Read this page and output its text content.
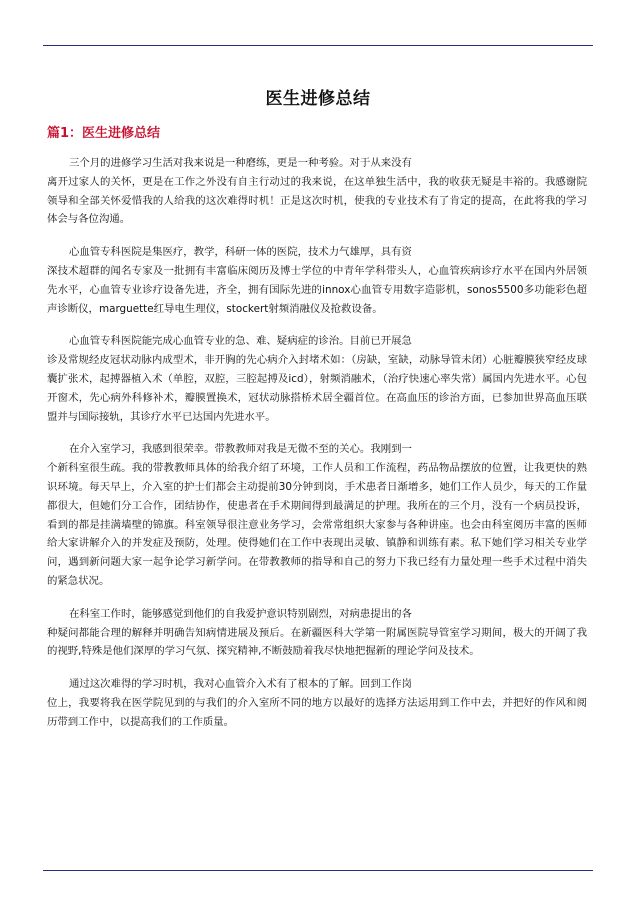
医生进修总结
篇1：医生进修总结

三个月的进修学习生活对我来说是一种磨练，更是一种考验。对于从来没有
离开过家人的关怀，更是在工作之外没有自主行动过的我来说，在这单独生活中，我的收获无疑是丰裕的。我感谢院领导和全部关怀爱惜我的人给我的这次难得时机！正是这次时机，使我的专业技术有了肯定的提高，在此将我的学习体会与各位沟通。

心血管专科医院是集医疗，教学，科研一体的医院，技术力气雄厚，具有资
深技术超群的闻名专家及一批拥有丰富临床阅历及博士学位的中青年学科带头人，心血管疾病诊疗水平在国内外居领先水平，心血管专业诊疗设备先进，齐全，拥有国际先进的innox心血管专用数字造影机，sonos5500多功能彩色超声诊断仪，marguette红导电生理仪，stockert射频消融仪及抢救设备。

心血管专科医院能完成心血管专业的急、难、疑病症的诊治。目前已开展急
诊及常规经皮冠状动脉内成型术，非开胸的先心病介入封堵术如：（房缺，室缺，动脉导管未闭）心脏瓣膜狭窄经皮球囊扩张术，起搏器植入术（单腔，双腔，三腔起搏及icd），射频消融术，（治疗快速心率失常）属国内先进水平。心包开窗术，先心病外科修补术，瓣膜置换术，冠状动脉搭桥术居全疆首位。在高血压的诊治方面，已参加世界高血压联盟并与国际接轨，其诊疗水平已达国内先进水平。

在介入室学习，我感到很荣幸。带教教师对我是无微不至的关心。我刚到一
个新科室很生疏。我的带教教师具体的给我介绍了环境，工作人员和工作流程，药品物品摆放的位置，让我更快的熟识环境。每天早上，介入室的护士们都会主动提前30分钟到岗，手术患者日渐增多，她们工作人员少，每天的工作量都很大，但她们分工合作，团结协作，使患者在手术期间得到最满足的护理。我所在的三个月，没有一个病员投诉，看到的都是挂满墙壁的锦旗。科室领导很注意业务学习，会常常组织大家参与各种讲座。也会由科室阅历丰富的医师给大家讲解介入的并发症及预防，处理。使得她们在工作中表现出灵敏、镇静和训练有素。私下她们学习相关专业学问，遇到新问题大家一起争论学习新学问。在带教教师的指导和自己的努力下我已经有力量处理一些手术过程中消失的紧急状况。

在科室工作时，能够感觉到他们的自我爱护意识特别剧烈，对病患提出的各
种疑问都能合理的解释并明确告知病情进展及预后。在新疆医科大学第一附属医院导管室学习期间，极大的开阔了我的视野,特殊是他们深厚的学习气氛、探究精神,不断鼓励着我尽快地把握新的理论学问及技术。

通过这次难得的学习时机，我对心血管介入术有了根本的了解。回到工作岗
位上，我要将我在医学院见到的与我们的介入室所不同的地方以最好的选择方法运用到工作中去，并把好的作风和阅历带到工作中，以提高我们的工作质量。
